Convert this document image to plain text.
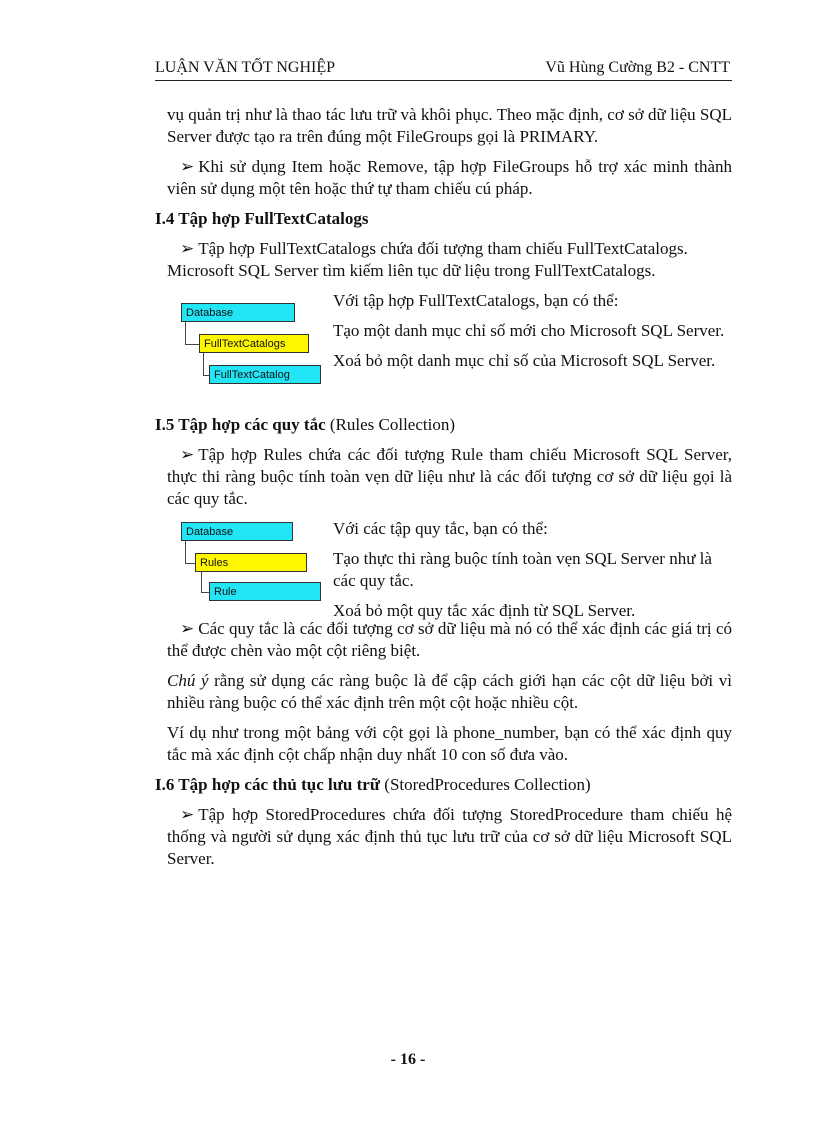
LUẬN VĂN TỐT NGHIỆP	Vũ Hùng Cường B2 - CNTT

vụ quản trị như là thao tác lưu trữ và khôi phục. Theo mặc định, cơ sở dữ liệu SQL Server được tạo ra trên đúng một FileGroups gọi là PRIMARY.

➢ Khi sử dụng Item hoặc Remove, tập hợp FileGroups hỗ trợ xác minh thành viên sử dụng một tên hoặc thứ tự tham chiếu cú pháp.

I.4 Tập hợp FullTextCatalogs

➢ Tập hợp FullTextCatalogs chứa đối tượng tham chiếu FullTextCatalogs. Microsoft SQL Server tìm kiếm liên tục dữ liệu trong FullTextCatalogs.

Database
FullTextCatalogs
FullTextCatalog

Với tập hợp FullTextCatalogs, bạn có thể:

Tạo một danh mục chỉ số mới cho Microsoft SQL Server.

Xoá bỏ một danh mục chỉ số của Microsoft SQL Server.

I.5 Tập hợp các quy tắc (Rules Collection)

➢ Tập hợp Rules chứa các đối tượng Rule tham chiếu Microsoft SQL Server, thực thi ràng buộc tính toàn vẹn dữ liệu như là các đối tượng cơ sở dữ liệu gọi là các quy tắc.

Database
Rules
Rule

Với các tập quy tắc, bạn có thể:

Tạo thực thi ràng buộc tính toàn vẹn SQL Server như là các quy tắc.

Xoá bỏ một quy tắc xác định từ SQL Server.

➢ Các quy tắc là các đối tượng cơ sở dữ liệu mà nó có thể xác định các giá trị có thể được chèn vào một cột riêng biệt.

Chú ý rằng sử dụng các ràng buộc là để cập cách giới hạn các cột dữ liệu bởi vì nhiều ràng buộc có thể xác định trên một cột hoặc nhiều cột.

Ví dụ như trong một bảng với cột gọi là phone_number, bạn có thể xác định quy tắc mà xác định cột chấp nhận duy nhất 10 con số đưa vào.

I.6 Tập hợp các thủ tục lưu trữ (StoredProcedures Collection)

➢ Tập hợp StoredProcedures chứa đối tượng StoredProcedure tham chiếu hệ thống và người sử dụng xác định thủ tục lưu trữ của cơ sở dữ liệu Microsoft SQL Server.

- 16 -
